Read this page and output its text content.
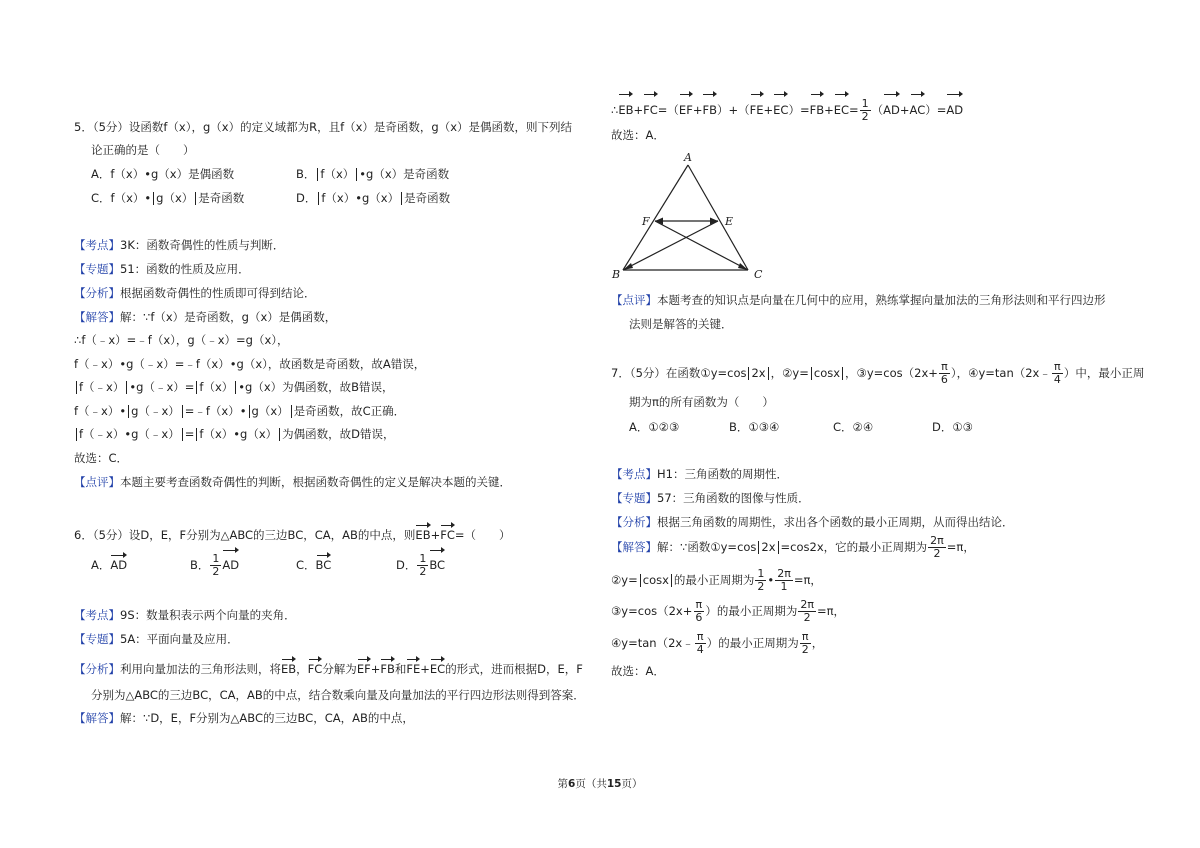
5．（5分）设函数f（x），g（x）的定义域都为R，且f（x）是奇函数，g（x）是偶函数，则下列结
论正确的是（　　）
A．f（x）•g（x）是偶函数	B． f（x） •g（x）是奇函数
C．f（x）• g（x） 是奇函数	D． f（x）•g（x） 是奇函数
【考点】3K：函数奇偶性的性质与判断．
【专题】51：函数的性质及应用．
【分析】根据函数奇偶性的性质即可得到结论．
【解答】解：∵f（x）是奇函数，g（x）是偶函数，
∴f（﹣x）=﹣f（x），g（﹣x）=g（x），
f（﹣x）•g（﹣x）=﹣f（x）•g（x），故函数是奇函数，故A错误，
f（﹣x） •g（﹣x）= f（x） •g（x）为偶函数，故B错误，
f（﹣x）• g（﹣x） =﹣f（x）• g（x） 是奇函数，故C正确．
f（﹣x）•g（﹣x） = f（x）•g（x） 为偶函数，故D错误，
故选：C．
【点评】本题主要考查函数奇偶性的判断，根据函数奇偶性的定义是解决本题的关键．
6．（5分）设D，E，F分别为△ABC的三边BC，CA，AB的中点，则EB+FC=（　　）
A．AD	B． $\frac{1}{2}$ AD	C．BC	D． $\frac{1}{2}$ BC
【考点】9S：数量积表示两个向量的夹角．
【专题】5A：平面向量及应用．
【分析】利用向量加法的三角形法则，将EB，FC分解为EF+FB和FE+EC的形式，进而根据D，E，F
分别为△ABC的三边BC，CA，AB的中点，结合数乘向量及向量加法的平行四边形法则得到答案．
【解答】解：∵D，E，F分别为△ABC的三边BC，CA，AB的中点，
∴EB+FC=（EF+FB）+（FE+EC）=FB+EC= $\frac{1}{2} (AD+AC)=AD$
故选：A．
A
B	C
E
F
【点评】本题考查的知识点是向量在几何中的应用，熟练掌握向量加法的三角形法则和平行四边形
法则是解答的关键．
7．（5分）在函数①y=cos 2x ，②y= cosx ，③y=cos（2x+ $\frac{\pi}{6}$ ），④y=tan（2x﹣ $\frac{\pi}{4}$ ）中，最小正周
期为π的所有函数为（　　）
A．①②③	B．①③④	C．②④	D．①③
【考点】H1：三角函数的周期性．
【专题】57：三角函数的图像与性质．
【分析】根据三角函数的周期性，求出各个函数的最小正周期，从而得出结论．
【解答】解：∵函数①y=cos 2x =cos2x，它的最小正周期为 $\frac{2\pi}{2} =\pi$，
②y= cosx 的最小正周期为 $\frac{1}{2}$ • $\frac{2\pi}{1} =\pi$，
③y=cos（2x+ $\frac{\pi}{6}$ ）的最小正周期为 $\frac{2\pi}{2} =\pi$，
④y=tan（2x﹣ $\frac{\pi}{4}$ ）的最小正周期为 $\frac{\pi}{2}$ ，
故选：A．
第6页（共15页）
